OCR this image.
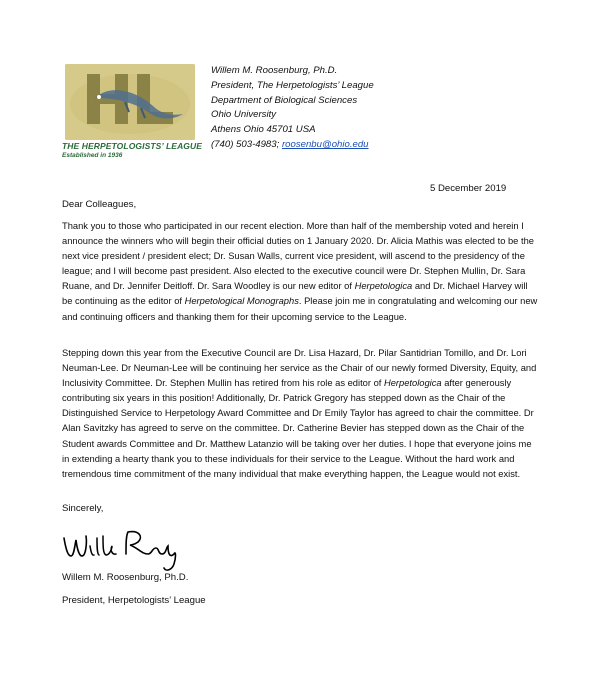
THE HERPETOLOGISTS’ LEAGUE
Established in 1936
Willem M. Roosenburg, Ph.D.
President, The Herpetologists’ League
Department of Biological Sciences
Ohio University
Athens Ohio 45701 USA
(740) 503-4983; roosenbu@ohio.edu
5 December 2019
Dear Colleagues,

Thank you to those who participated in our recent election. More than half of the membership voted and herein I announce the winners who will begin their official duties on 1 January 2020. Dr. Alicia Mathis was elected to be the next vice president / president elect; Dr. Susan Walls, current vice president, will ascend to the presidency of the league; and I will become past president. Also elected to the executive council were Dr. Stephen Mullin, Dr. Sara Ruane, and Dr. Jennifer Deitloff. Dr. Sara Woodley is our new editor of Herpetologica and Dr. Michael Harvey will be continuing as the editor of Herpetological Monographs. Please join me in congratulating and welcoming our new and continuing officers and thanking them for their upcoming service to the League.

Stepping down this year from the Executive Council are Dr. Lisa Hazard, Dr. Pilar Santidrian Tomillo, and Dr. Lori Neuman-Lee. Dr Neuman-Lee will be continuing her service as the Chair of our newly formed Diversity, Equity, and Inclusivity Committee. Dr. Stephen Mullin has retired from his role as editor of Herpetologica after generously contributing six years in this position! Additionally, Dr. Patrick Gregory has stepped down as the Chair of the Distinguished Service to Herpetology Award Committee and Dr Emily Taylor has agreed to chair the committee. Dr Alan Savitzky has agreed to serve on the committee. Dr. Catherine Bevier has stepped down as the Chair of the Student awards Committee and Dr. Matthew Latanzio will be taking over her duties. I hope that everyone joins me in extending a hearty thank you to these individuals for their service to the League. Without the hard work and tremendous time commitment of the many individual that make everything happen, the League would not exist.

Sincerely,
Willem M. Roosenburg, Ph.D.
President, Herpetologists’ League
